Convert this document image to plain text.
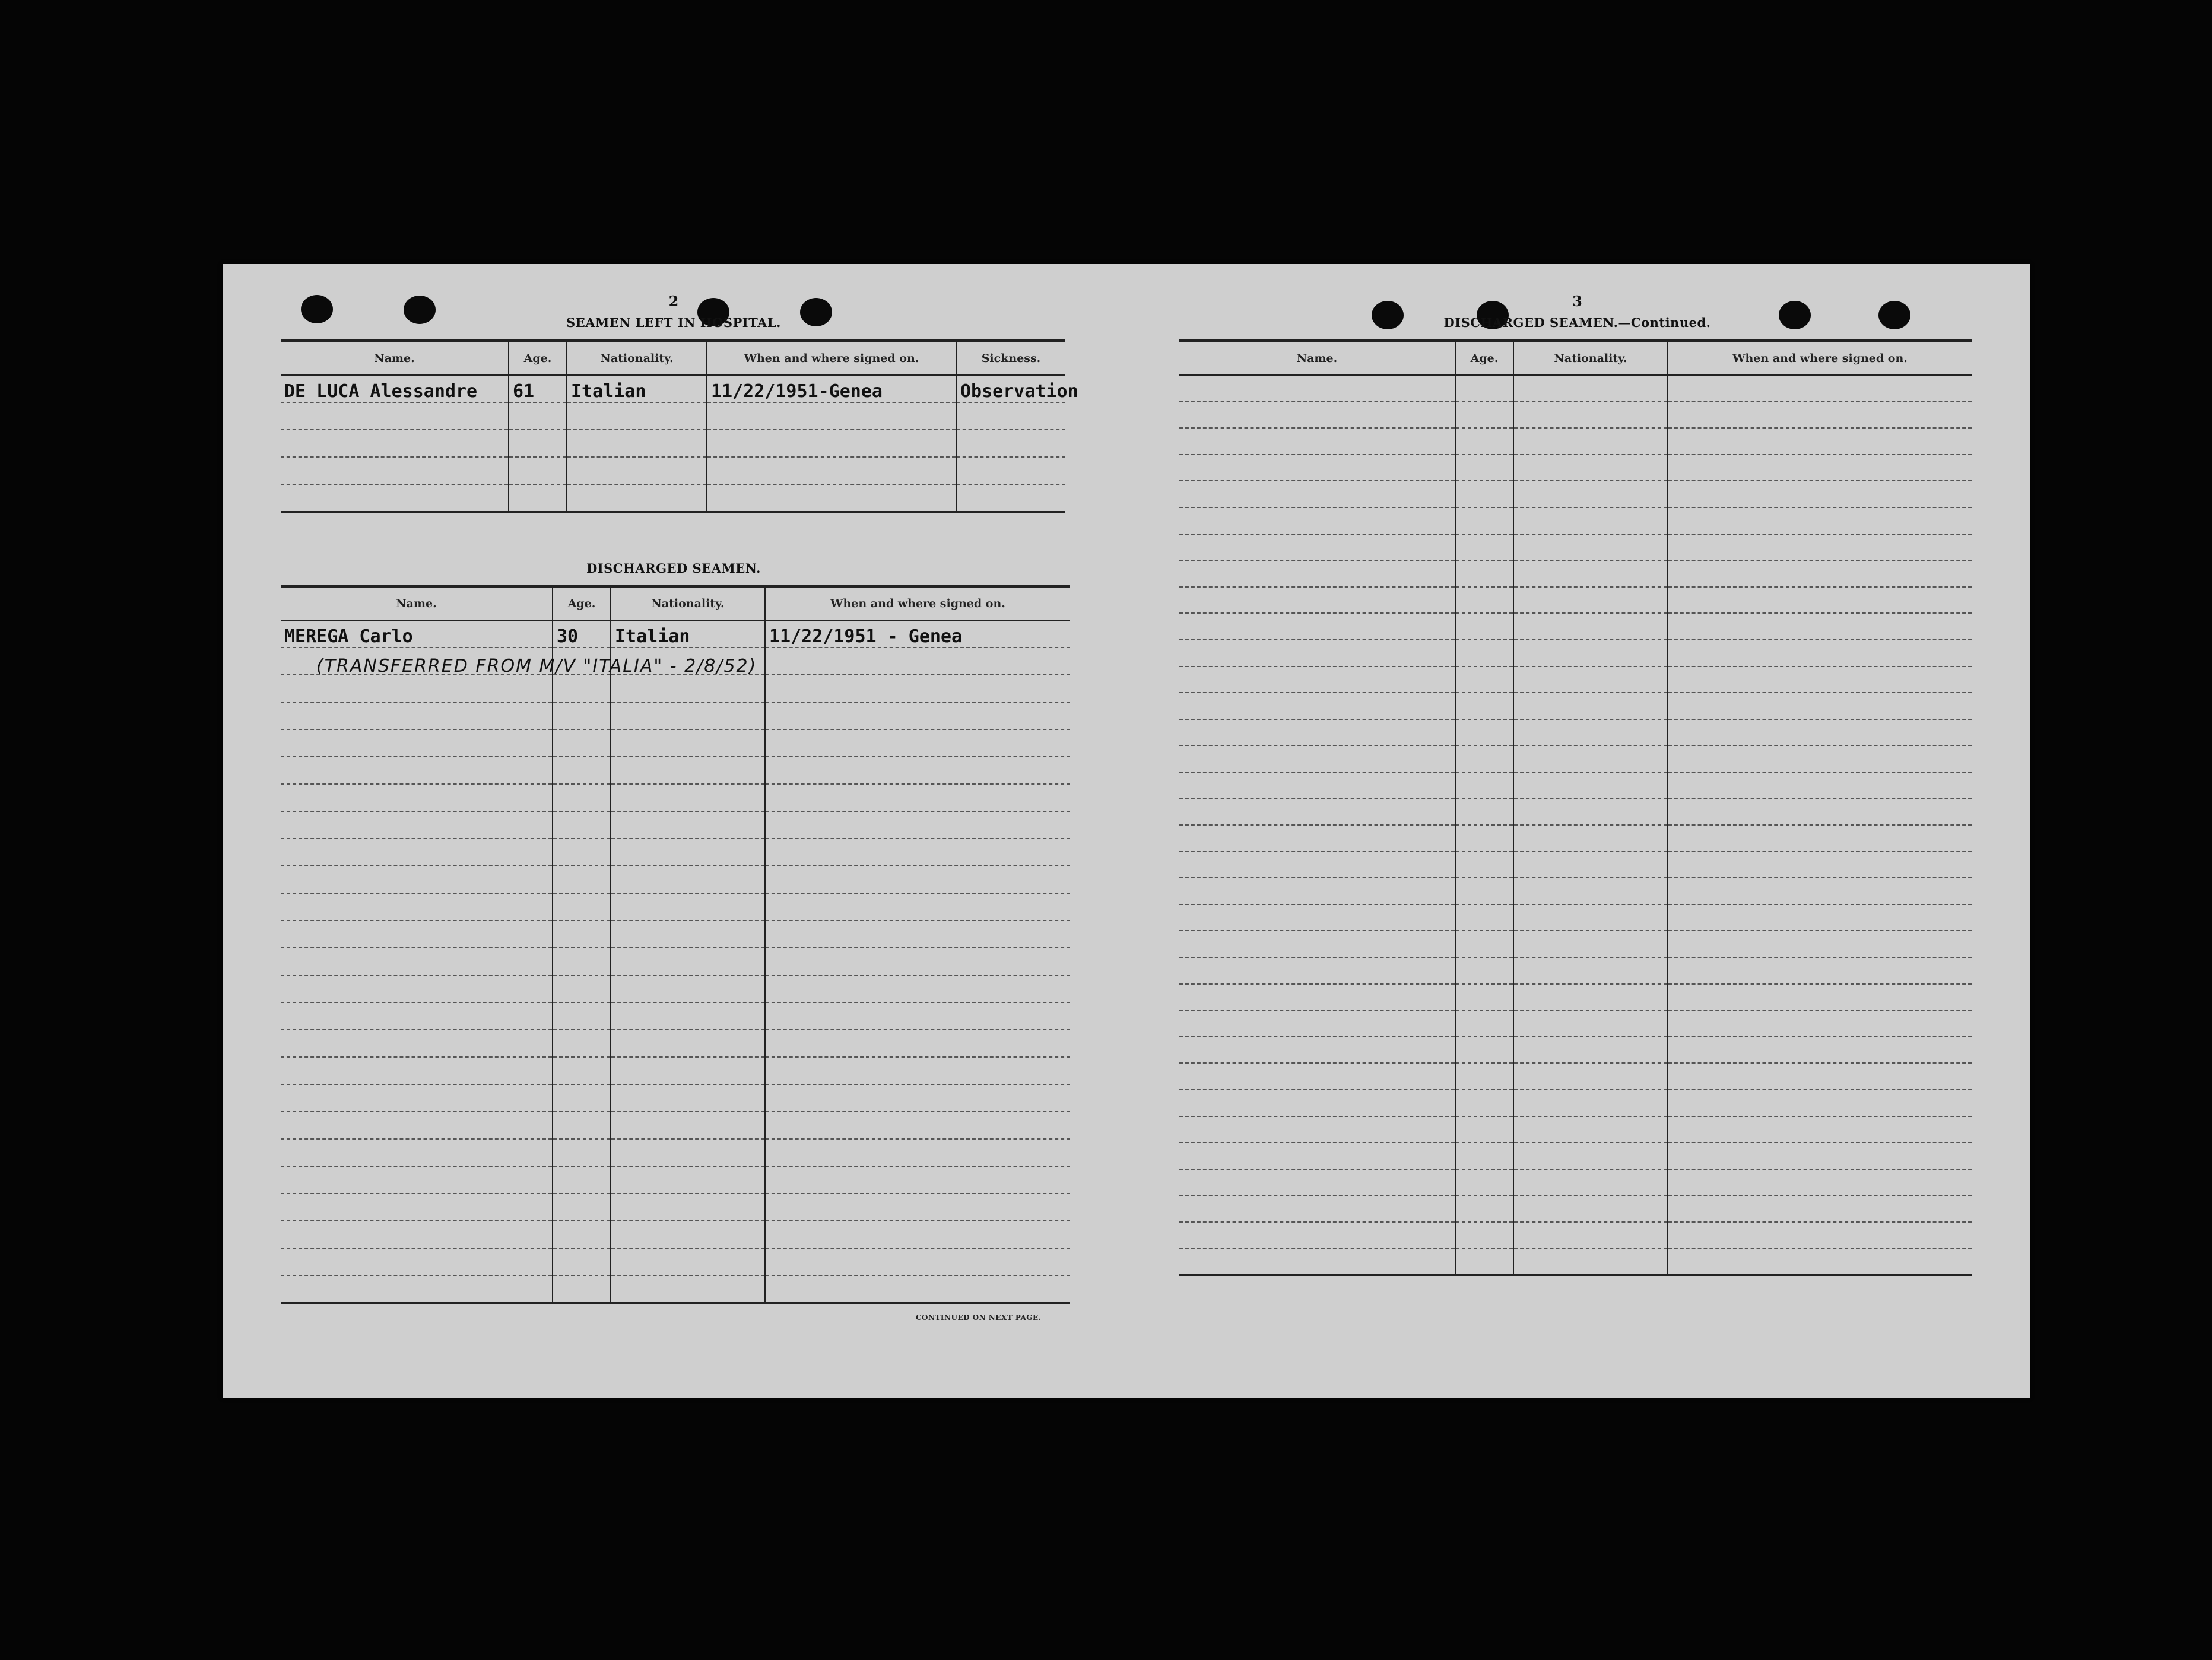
2
SEAMEN LEFT IN HOSPITAL.
Name.	Age.	Nationality.	When and where signed on.	Sickness.
DE LUCA Alessandre	61	Italian	11/22/1951-Genea	Observation

DISCHARGED SEAMEN.
Name.	Age.	Nationality.	When and where signed on.
MEREGA Carlo	30	Italian	11/22/1951 - Genea

(TRANSFERRED FROM M/V "ITALIA" - 2/8/52)
CONTINUED ON NEXT PAGE.
3
DISCHARGED SEAMEN.—Continued.
Name.	Age.	Nationality.	When and where signed on.
